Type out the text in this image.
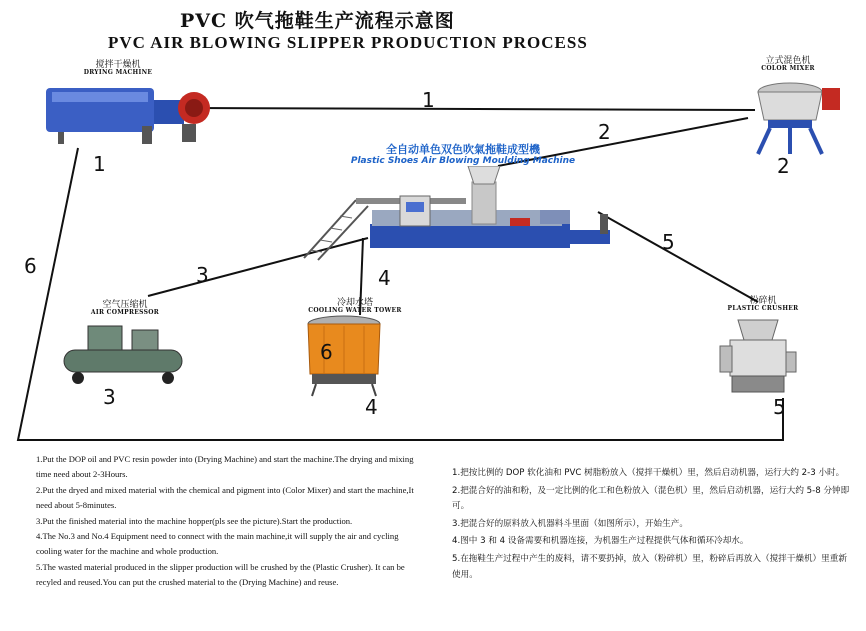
PVC 吹气拖鞋生产流程示意图
PVC AIR BLOWING SLIPPER PRODUCTION PROCESS
搅拌干燥机
DRYING MACHINE
1
立式混色机
COLOR MIXER
2
全自动单色双色吹氣拖鞋成型機
Plastic Shoes Air Blowing Moulding Machine
空气压缩机
AIR COMPRESSOR
3
冷却水塔
COOLING WATER TOWER
6
4
粉碎机
PLASTIC CRUSHER
5
1
2
3	4
5
6

1.Put the DOP oil and PVC resin powder into (Drying Machine) and start the machine.The drying and mixing time need about 2-3Hours.

2.Put the dryed and mixed material with the chemical and pigment into (Color Mixer) and start the machine,It need about 5-8minutes.

3.Put the finished material into the machine hopper(pls see the picture).Start the production.

4.The No.3 and No.4 Equipment need to connect with the main machine,it will supply the air and cycling cooling water for the machine and whole production.

5.The wasted material produced in the slipper production will be crushed by the (Plastic Crusher). It can be recyled and reused.You can put the crushed material to the (Drying Machine) and reuse.

1.把按比例的 DOP 软化油和 PVC 树脂粉放入（搅拌干燥机）里，然后启动机器，运行大约 2-3 小时。

2.把混合好的油和粉，及一定比例的化工和色粉放入（混色机）里，然后启动机器，运行大约 5-8 分钟即可。

3.把混合好的原料放入机器料斗里面（如图所示），开始生产。

4.图中 3 和 4 设备需要和机器连接，为机器生产过程提供气体和循环冷却水。

5.在拖鞋生产过程中产生的废料，请不要扔掉，放入（粉碎机）里，粉碎后再放入（搅拌干燥机）里重新使用。
